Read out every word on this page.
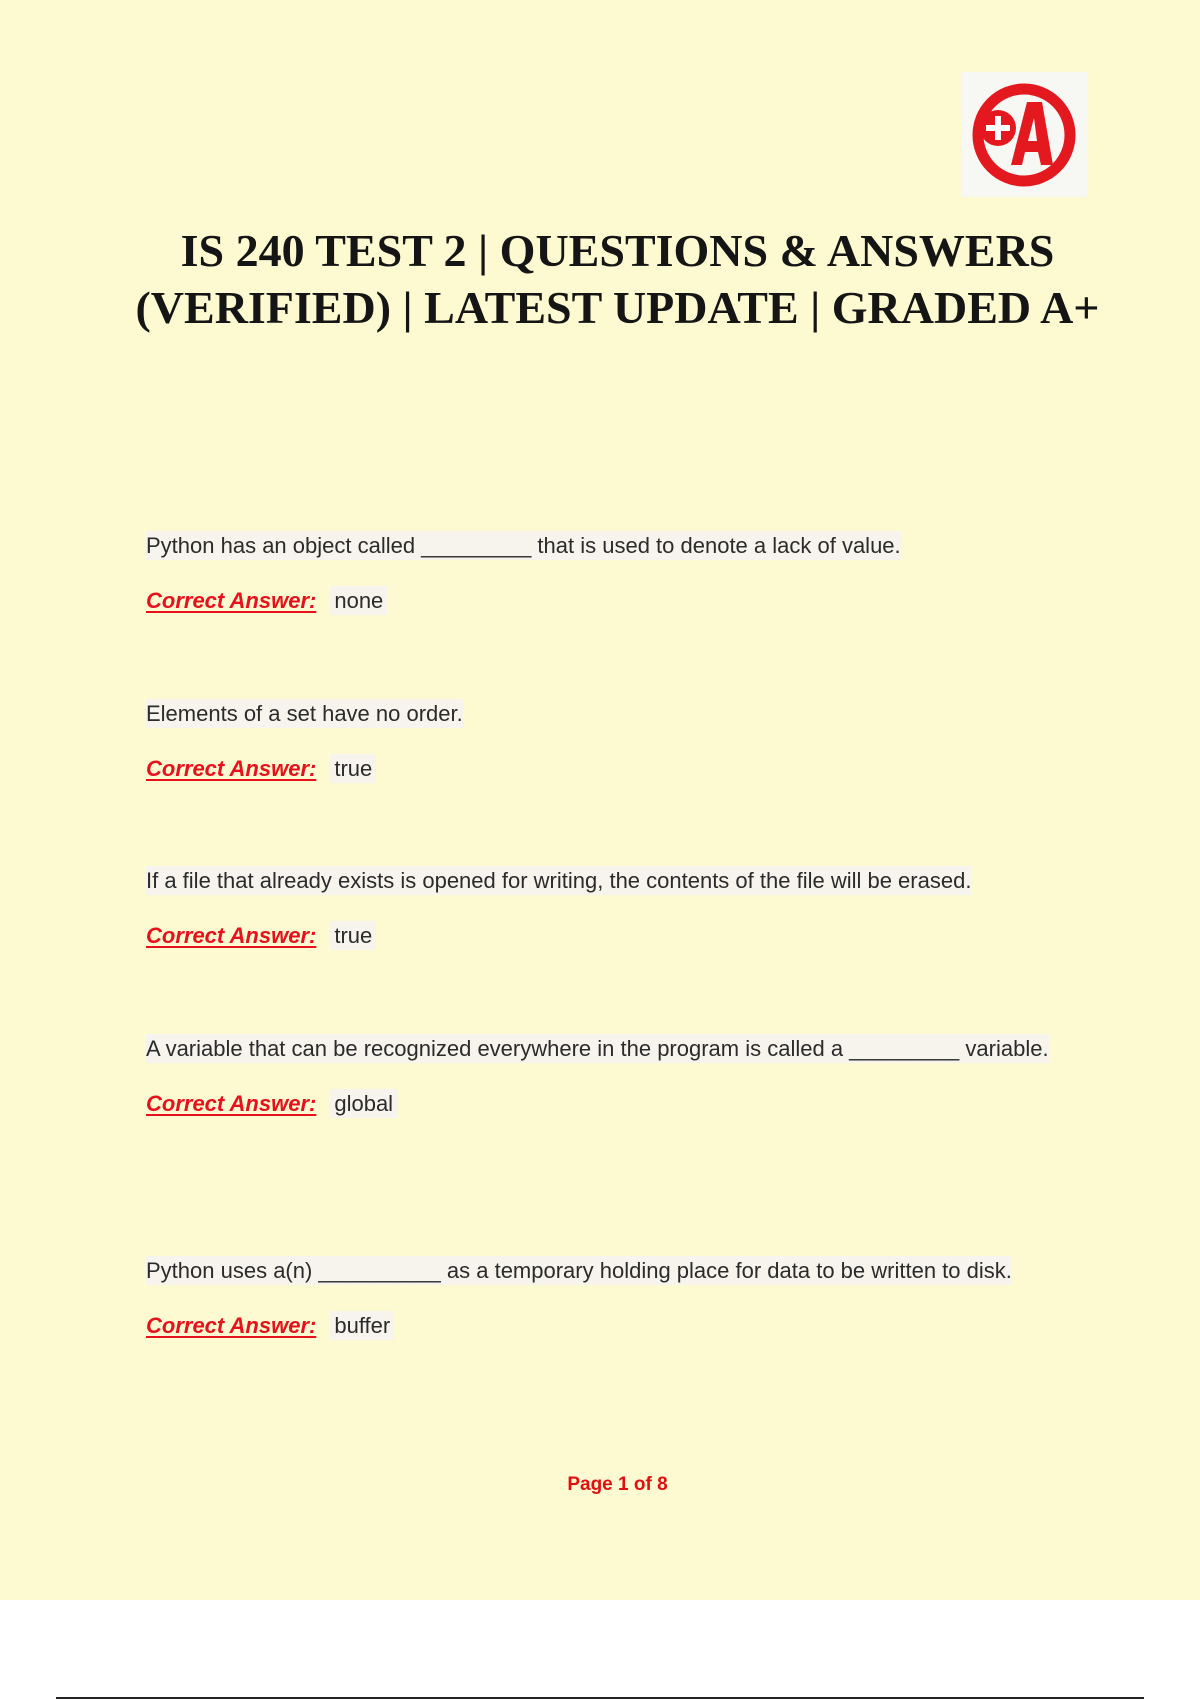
IS 240 TEST 2 | QUESTIONS & ANSWERS (VERIFIED) | LATEST UPDATE | GRADED A+

Python has an object called _________ that is used to denote a lack of value.

Correct Answer: none

Elements of a set have no order.

Correct Answer: true

If a file that already exists is opened for writing, the contents of the file will be erased.

Correct Answer: true

A variable that can be recognized everywhere in the program is called a _________ variable.

Correct Answer: global

Python uses a(n) __________ as a temporary holding place for data to be written to disk.

Correct Answer: buffer

Page 1 of 8
